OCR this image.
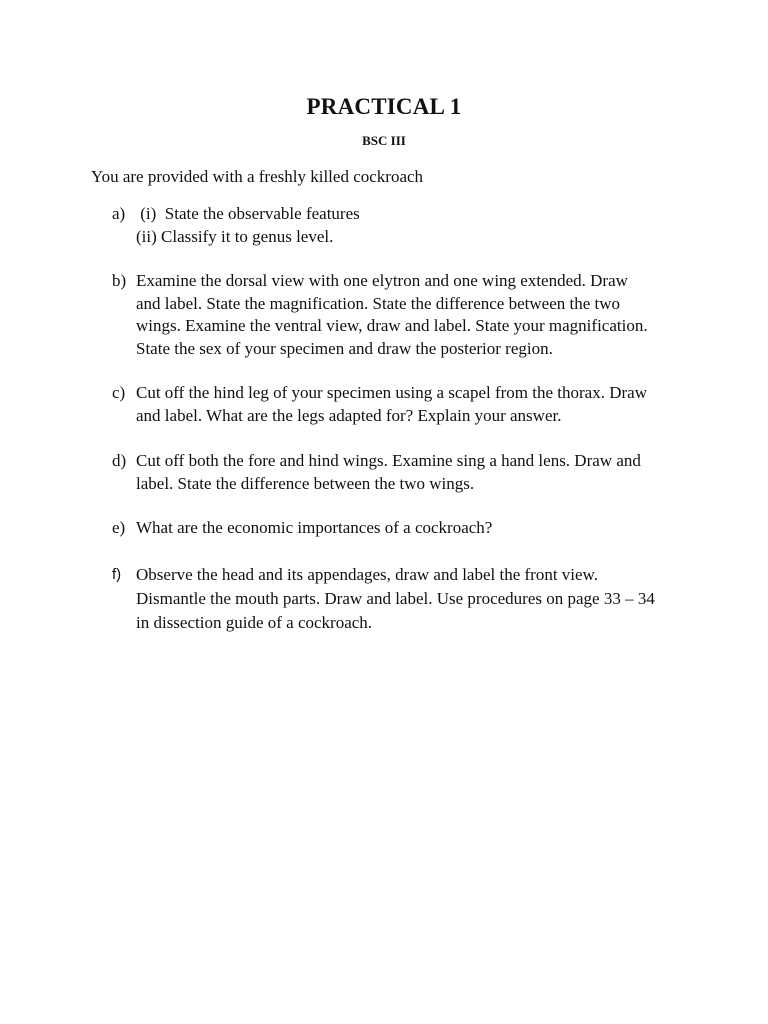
PRACTICAL 1
BSC III
You are provided with a freshly killed cockroach
a) (i)  State the observable features
(ii) Classify it to genus level.
b) Examine the dorsal view with one elytron and one wing extended. Draw
and label. State the magnification. State the difference between the two
wings. Examine the ventral view, draw and label. State your magnification.
State the sex of your specimen and draw the posterior region.
c) Cut off the hind leg of your specimen using a scapel from the thorax. Draw
and label. What are the legs adapted for? Explain your answer.
d) Cut off both the fore and hind wings. Examine sing a hand lens. Draw and
label. State the difference between the two wings.
e) What are the economic importances of a cockroach?
f) Observe the head and its appendages, draw and label the front view.
Dismantle the mouth parts. Draw and label. Use procedures on page 33 – 34
in dissection guide of a cockroach.
